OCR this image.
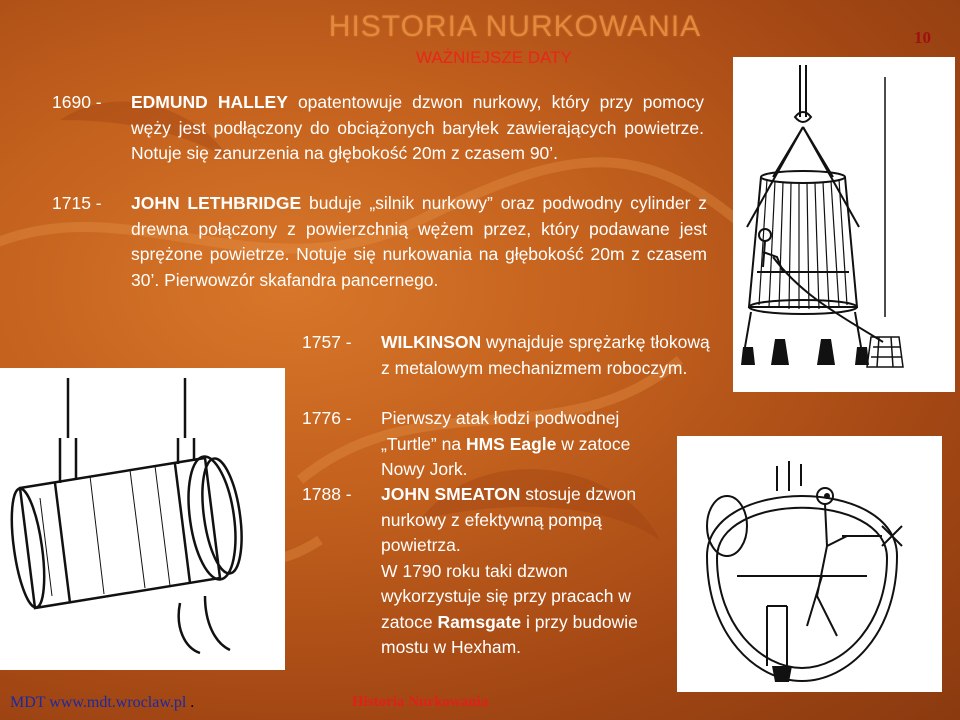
HISTORIA NURKOWANIA
WAŻNIEJSZE DATY
10
1690 - EDMUND HALLEY opatentowuje dzwon nurkowy, który przy pomocy węży jest podłączony do obciążonych baryłek zawierających powietrze. Notuje się zanurzenia na głębokość 20m z czasem 90’.
1715 - JOHN LETHBRIDGE buduje „silnik nurkowy” oraz podwodny cylinder z drewna połączony z powierzchnią wężem przez, który podawane jest sprężone powietrze. Notuje się nurkowania na głębokość 20m z czasem 30’. Pierwowzór skafandra pancernego.
1757 - WILKINSON wynajduje sprężarkę tłokową z metalowym mechanizmem roboczym.
1776 - Pierwszy atak łodzi podwodnej „Turtle” na HMS Eagle w zatoce Nowy Jork.
1788 - JOHN SMEATON stosuje dzwon nurkowy z efektywną pompą powietrza.
W 1790 roku taki dzwon wykorzystuje się przy pracach w zatoce Ramsgate i przy budowie mostu w Hexham.
MDT www.mdt.wroclaw.pl .	Historia Nurkowania
